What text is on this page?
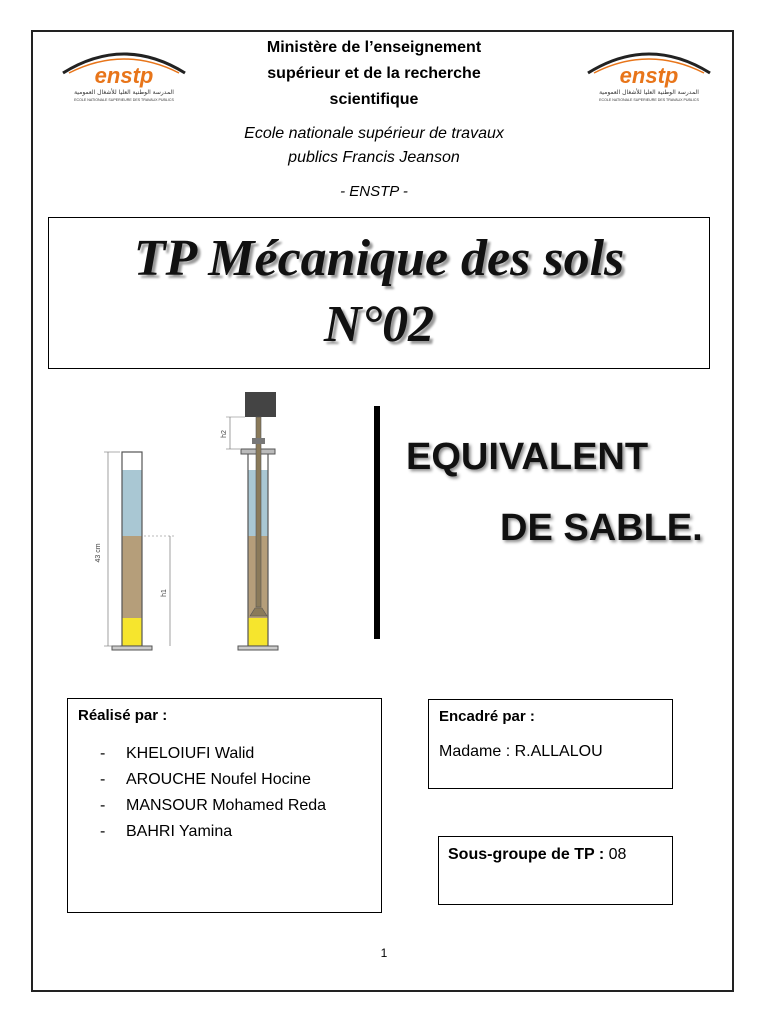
enstp
المدرسة الوطنية العليا للأشغال العمومية
ECOLE NATIONALE SUPERIEURE DES TRAVAUX PUBLICS
enstp
المدرسة الوطنية العليا للأشغال العمومية
ECOLE NATIONALE SUPERIEURE DES TRAVAUX PUBLICS
Ministère de l’enseignement
supérieur et de la recherche
scientifique
Ecole nationale supérieur de travaux
publics Francis Jeanson
- ENSTP -
TP Mécanique des sols
N°02
43 cm
h1
h2
EQUIVALENT
DE SABLE.
Réalisé par :
- KHELOIUFI Walid
- AROUCHE Noufel Hocine
- MANSOUR Mohamed Reda
- BAHRI Yamina
Encadré par :
Madame : R.ALLALOU
Sous-groupe de TP : 08
1
